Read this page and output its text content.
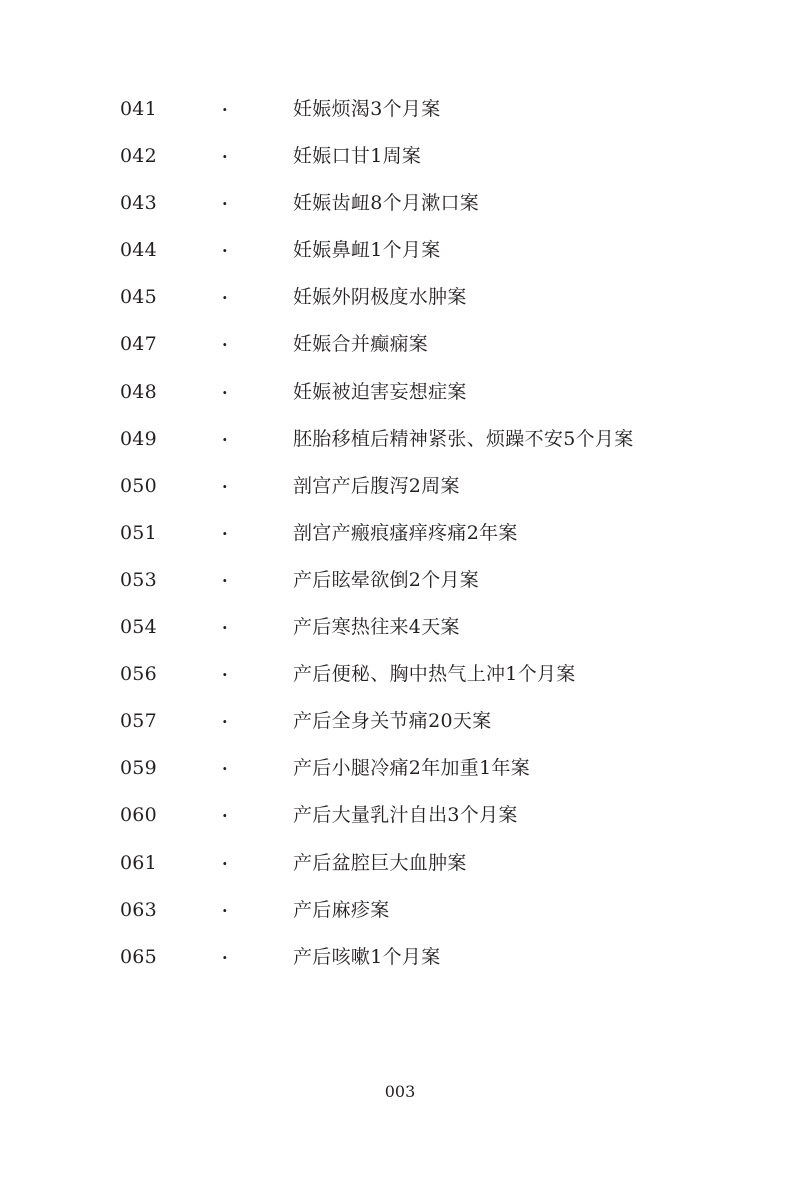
041	·	妊娠烦渴3个月案
042	·	妊娠口甘1周案
043	·	妊娠齿衄8个月漱口案
044	·	妊娠鼻衄1个月案
045	·	妊娠外阴极度水肿案
047	·	妊娠合并癫痫案
048	·	妊娠被迫害妄想症案
049	·	胚胎移植后精神紧张、烦躁不安5个月案
050	·	剖宫产后腹泻2周案
051	·	剖宫产瘢痕瘙痒疼痛2年案
053	·	产后眩晕欲倒2个月案
054	·	产后寒热往来4天案
056	·	产后便秘、胸中热气上冲1个月案
057	·	产后全身关节痛20天案
059	·	产后小腿冷痛2年加重1年案
060	·	产后大量乳汁自出3个月案
061	·	产后盆腔巨大血肿案
063	·	产后麻疹案
065	·	产后咳嗽1个月案
003
